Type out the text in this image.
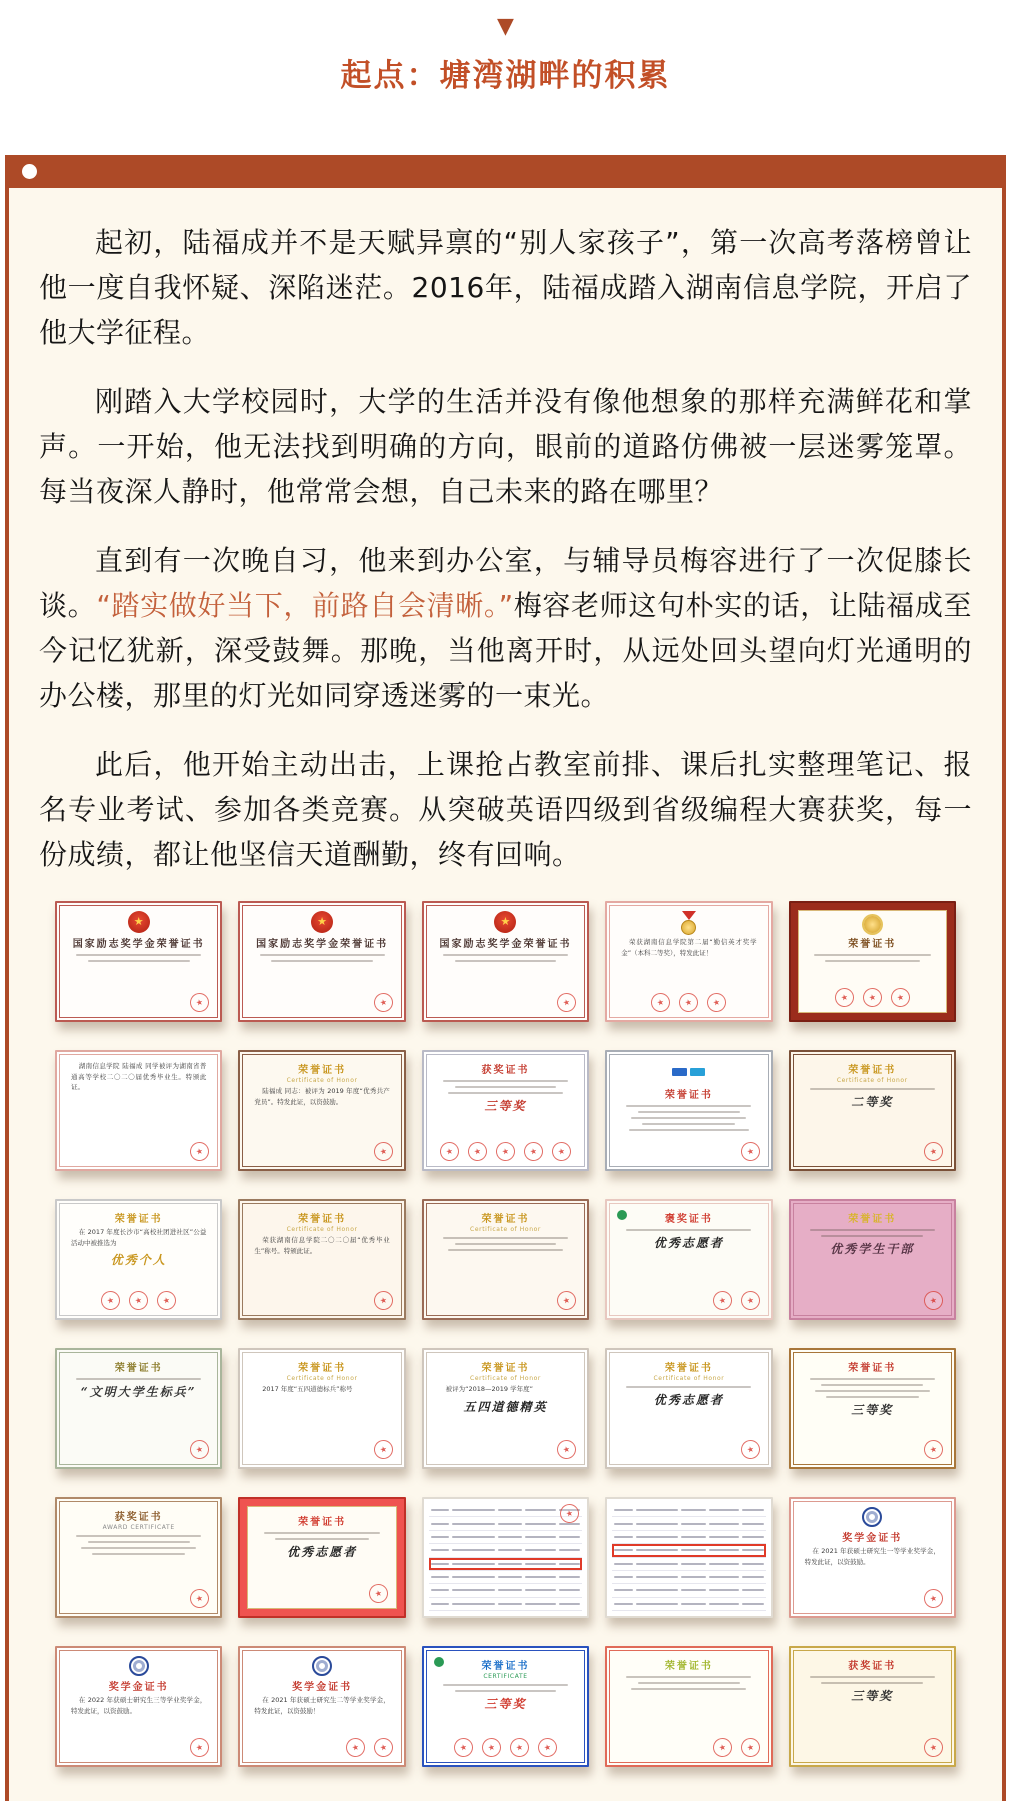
▼
起点：塘湾湖畔的积累

起初，陆福成并不是天赋异禀的“别人家孩子”，第一次高考落榜曾让他一度自我怀疑、深陷迷茫。2016年，陆福成踏入湖南信息学院，开启了他大学征程。

刚踏入大学校园时，大学的生活并没有像他想象的那样充满鲜花和掌声。一开始，他无法找到明确的方向，眼前的道路仿佛被一层迷雾笼罩。每当夜深人静时，他常常会想，自己未来的路在哪里？

直到有一次晚自习，他来到办公室，与辅导员梅容进行了一次促膝长谈。“踏实做好当下，前路自会清晰。”梅容老师这句朴实的话，让陆福成至今记忆犹新，深受鼓舞。那晚，当他离开时，从远处回头望向灯光通明的办公楼，那里的灯光如同穿透迷雾的一束光。

此后，他开始主动出击，上课抢占教室前排、课后扎实整理笔记、报名专业考试、参加各类竞赛。从突破英语四级到省级编程大赛获奖，每一份成绩，都让他坚信天道酬勤，终有回响。

★
国家励志奖学金荣誉证书
★
★
国家励志奖学金荣誉证书
★
★
国家励志奖学金荣誉证书
★
荣获湖南信息学院第二届“勤信英才奖学金”（本科二等奖），特发此证！
★	★	★
荣誉证书
★	★	★
湖南信息学院 陆福成 同学被评为湖南省普通高等学校二〇二〇届优秀毕业生。特颁此证。
★
荣誉证书
Certificate of Honor
陆福成 同志：被评为 2019 年度“优秀共产党员”。特发此证，以资鼓励。
★
获奖证书
三等奖
★	★	★	★	★
荣誉证书
★
荣誉证书
Certificate of Honor
二等奖
★
荣誉证书
在 2017 年度长沙市“高校社团进社区”公益活动中被推选为
优秀个人
★	★	★
荣誉证书
Certificate of Honor
荣获湖南信息学院二〇二〇届“优秀毕业生”称号。特颁此证。
★
荣誉证书
Certificate of Honor
★
褒奖证书
优秀志愿者
★	★
荣誉证书
优秀学生干部
★
荣誉证书
“文明大学生标兵”
★
荣誉证书
Certificate of Honor
2017 年度“五四道德标兵”称号
★
荣誉证书
Certificate of Honor
被评为“2018—2019 学年度”
五四道德精英
★
荣誉证书
Certificate of Honor
优秀志愿者
★
荣誉证书
三等奖
★
获奖证书
AWARD CERTIFICATE
★
荣誉证书
优秀志愿者
★
★
奖学金证书
在 2021 年获硕士研究生一等学业奖学金，特发此证，以资鼓励。
★
奖学金证书
在 2022 年获硕士研究生三等学业奖学金，特发此证，以资鼓励。
★
奖学金证书
在 2021 年获硕士研究生二等学业奖学金，特发此证，以资鼓励！
★	★
荣誉证书
CERTIFICATE
三等奖
★	★	★	★
荣誉证书
★	★
获奖证书
三等奖
★
